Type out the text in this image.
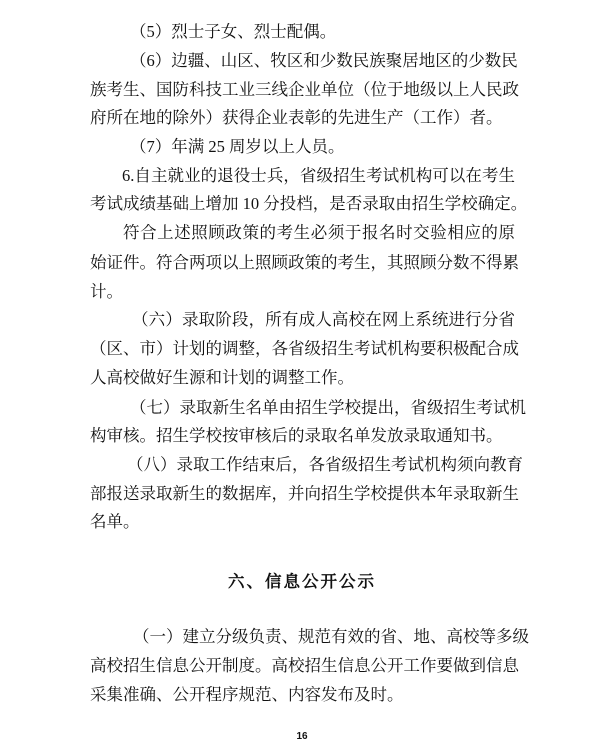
六、信息公开公示
16
（5）烈士子女、烈士配偶。
（6）边疆、山区、牧区和少数民族聚居地区的少数民
族考生、国防科技工业三线企业单位（位于地级以上人民政
府所在地的除外）获得企业表彰的先进生产（工作）者。
（7）年满 25 周岁以上人员。
6.自主就业的退役士兵，省级招生考试机构可以在考生
考试成绩基础上增加 10 分投档，是否录取由招生学校确定。
符合上述照顾政策的考生必须于报名时交验相应的原
始证件。符合两项以上照顾政策的考生，其照顾分数不得累
计。
（六）录取阶段，所有成人高校在网上系统进行分省
（区、市）计划的调整，各省级招生考试机构要积极配合成
人高校做好生源和计划的调整工作。
（七）录取新生名单由招生学校提出，省级招生考试机
构审核。招生学校按审核后的录取名单发放录取通知书。
（八）录取工作结束后，各省级招生考试机构须向教育
部报送录取新生的数据库，并向招生学校提供本年录取新生
名单。
（一）建立分级负责、规范有效的省、地、高校等多级
高校招生信息公开制度。高校招生信息公开工作要做到信息
采集准确、公开程序规范、内容发布及时。
